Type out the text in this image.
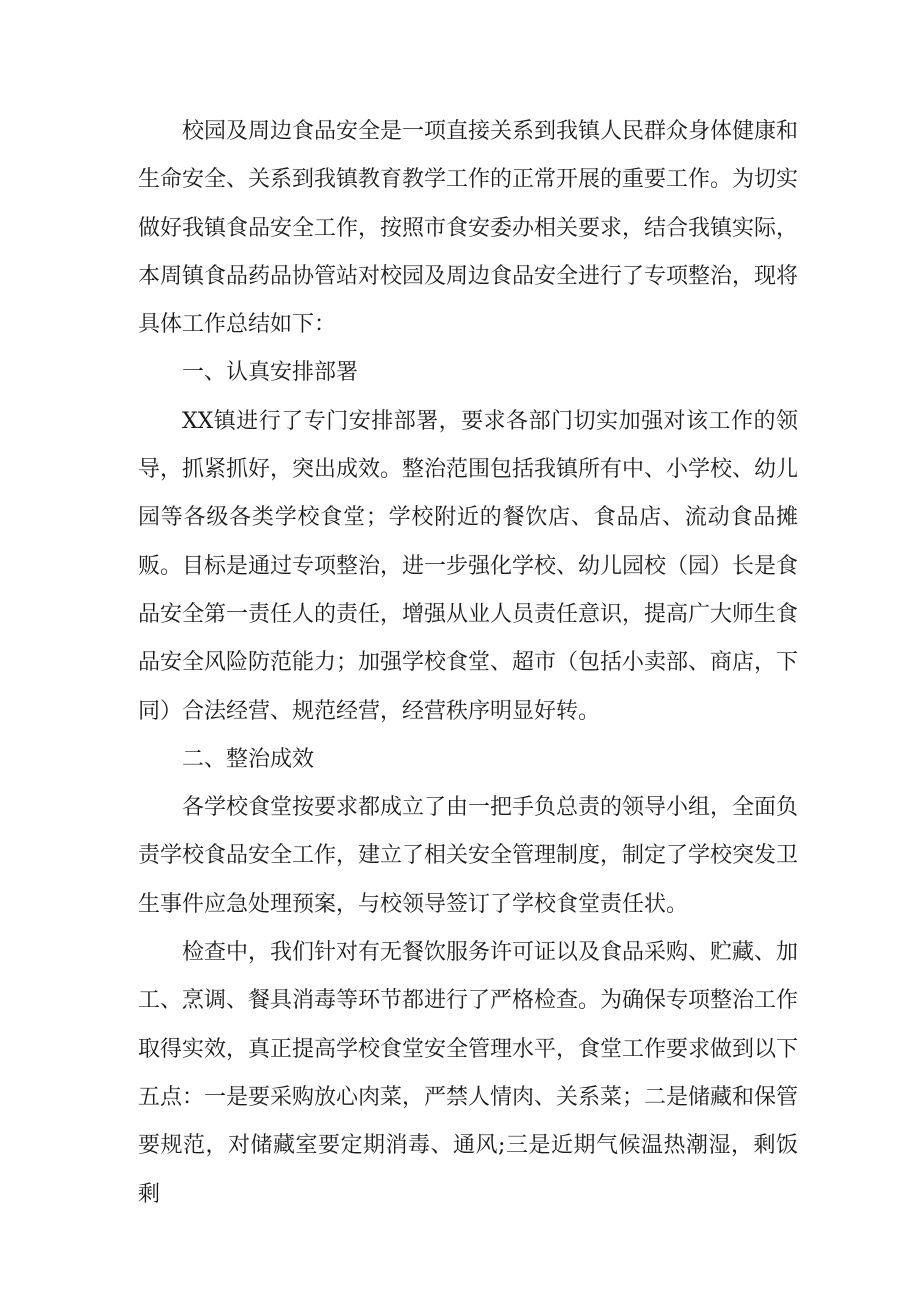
校园及周边食品安全是一项直接关系到我镇人民群众身体健康和生命安全、关系到我镇教育教学工作的正常开展的重要工作。为切实做好我镇食品安全工作，按照市食安委办相关要求，结合我镇实际，本周镇食品药品协管站对校园及周边食品安全进行了专项整治，现将具体工作总结如下：

一、认真安排部署

XX镇进行了专门安排部署，要求各部门切实加强对该工作的领导，抓紧抓好，突出成效。整治范围包括我镇所有中、小学校、幼儿园等各级各类学校食堂；学校附近的餐饮店、食品店、流动食品摊贩。目标是通过专项整治，进一步强化学校、幼儿园校（园）长是食品安全第一责任人的责任，增强从业人员责任意识，提高广大师生食品安全风险防范能力；加强学校食堂、超市（包括小卖部、商店，下同）合法经营、规范经营，经营秩序明显好转。

二、整治成效

各学校食堂按要求都成立了由一把手负总责的领导小组，全面负责学校食品安全工作，建立了相关安全管理制度，制定了学校突发卫生事件应急处理预案，与校领导签订了学校食堂责任状。

检查中，我们针对有无餐饮服务许可证以及食品采购、贮藏、加工、烹调、餐具消毒等环节都进行了严格检查。为确保专项整治工作取得实效，真正提高学校食堂安全管理水平，食堂工作要求做到以下五点：一是要采购放心肉菜，严禁人情肉、关系菜；二是储藏和保管要规范，对储藏室要定期消毒、通风;三是近期气候温热潮湿，剩饭剩
